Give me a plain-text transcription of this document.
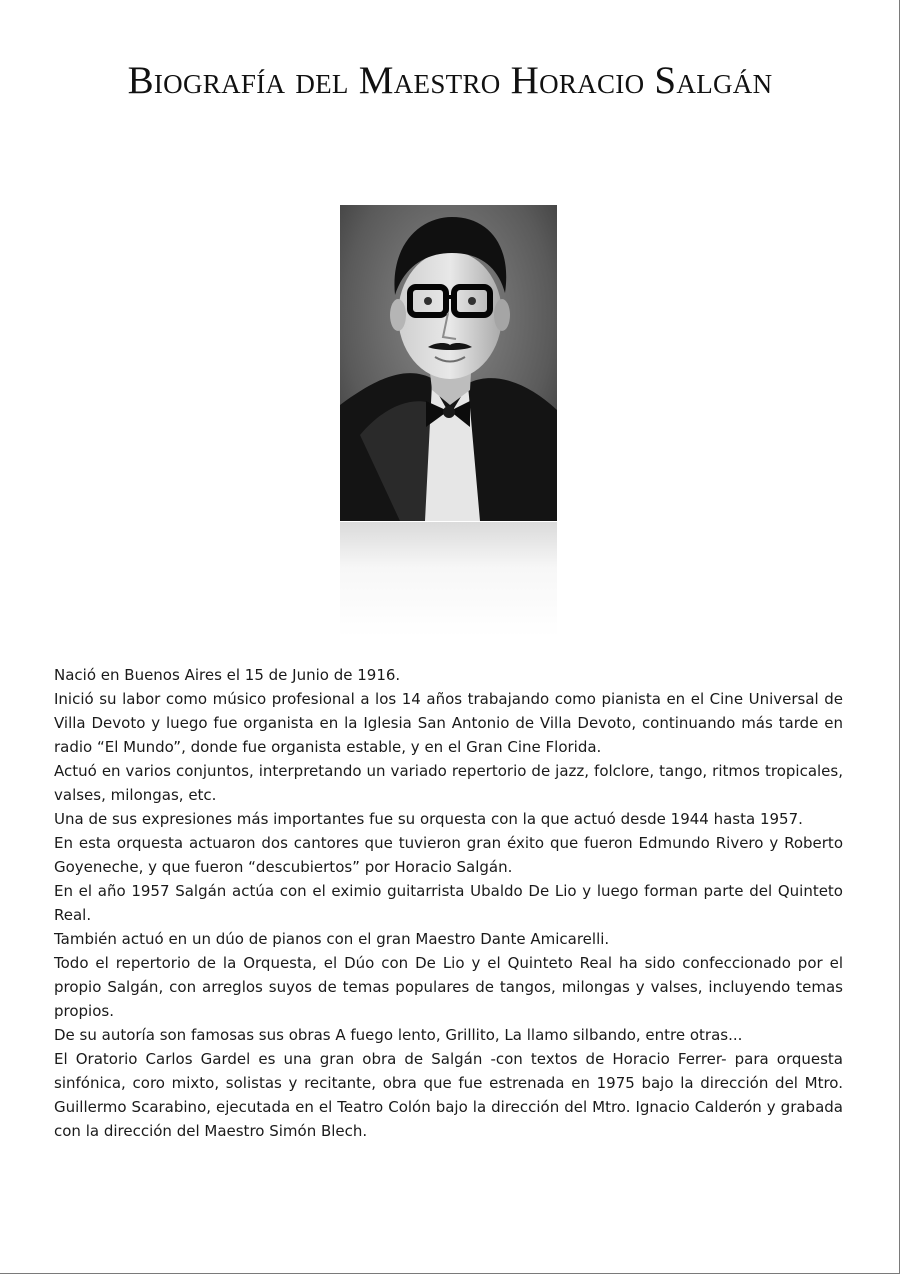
Biografía del Maestro Horacio Salgán

Nació en Buenos Aires el 15 de Junio de 1916.

Inició su labor como músico profesional a los 14 años trabajando como pianista en el Cine Universal de Villa Devoto y luego fue organista en la Iglesia San Antonio de Villa Devoto, continuando más tarde en radio “El Mundo”, donde fue organista estable, y en el Gran Cine Florida.

Actuó en varios conjuntos, interpretando un variado repertorio de jazz, folclore, tango, ritmos tropicales, valses, milongas, etc.

Una de sus expresiones más importantes fue su orquesta con la que actuó desde 1944 hasta 1957.

En esta orquesta actuaron dos cantores que tuvieron gran éxito que fueron Edmundo Rivero y Roberto Goyeneche, y que fueron “descubiertos” por Horacio Salgán.

En el año 1957 Salgán actúa con el eximio guitarrista Ubaldo De Lio y luego forman parte del Quinteto Real.

También actuó en un dúo de pianos con el gran Maestro Dante Amicarelli.

Todo el repertorio de la Orquesta, el Dúo con De Lio y el Quinteto Real ha sido confeccionado por el propio Salgán, con arreglos suyos de temas populares de tangos, milongas y valses, incluyendo temas propios.

De su autoría son famosas sus obras A fuego lento, Grillito, La llamo silbando, entre otras...

El Oratorio Carlos Gardel es una gran obra de Salgán -con textos de Horacio Ferrer- para orquesta sinfónica, coro mixto, solistas y recitante, obra que fue estrenada en 1975 bajo la dirección del Mtro. Guillermo Scarabino, ejecutada en el Teatro Colón bajo la dirección del Mtro. Ignacio Calderón y grabada con la dirección del Maestro Simón Blech.
